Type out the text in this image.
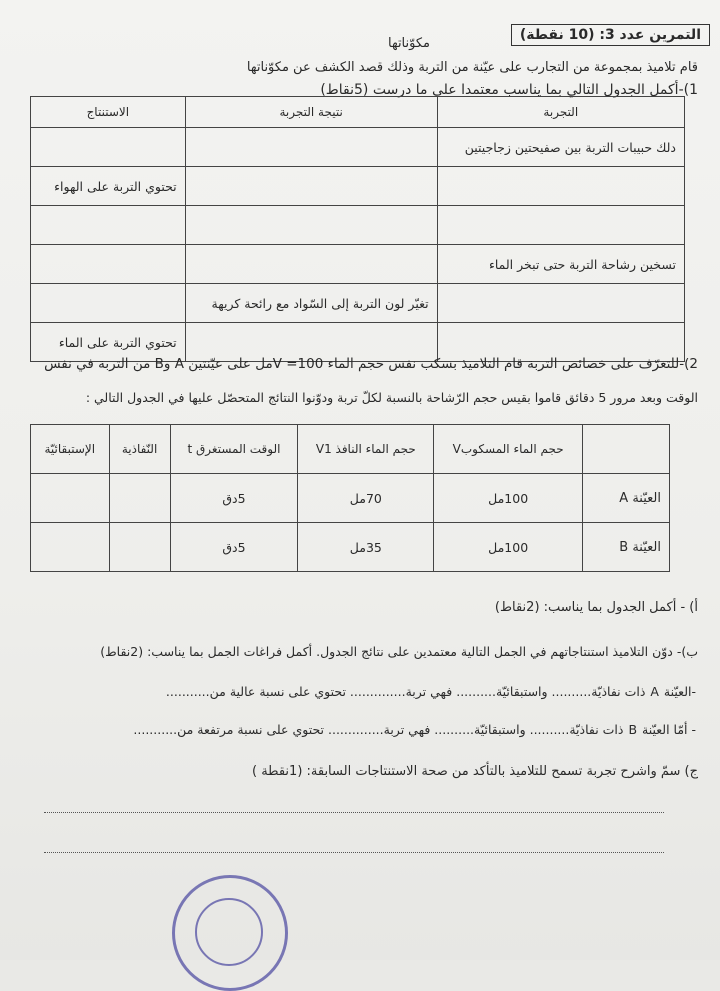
التمرين عدد 3: (10 نقطة)
مكوّناتها
قام تلاميذ بمجموعة من التجارب على عيّنة من التربة وذلك قصد الكشف عن مكوّناتها
1)-أكمل الجدول التالي بما يناسب معتمدا على ما درست (5نقاط)
التجربة	نتيجة التجربة	الاستنتاج
دلك حبيبات التربة بين صفيحتين زجاجيتين		
		تحتوي التربة على الهواء

تسخين رشاحة التربة حتى تبخر الماء		
	تغيّر لون التربة إلى السّواد مع رائحة كريهة	
		تحتوي التربة على الماء
2)-للتعرّف على خصائص التربة قام التلاميذ بسكب نفس حجم الماء V =100مل على عيّنتين A وB من التربة في نفس
الوقت وبعد مرور 5 دقائق قاموا بقيس حجم الرّشاحة بالنسبة لكلّ تربة ودوّنوا النتائج المتحصّل عليها في الجدول التالي :
	حجم الماء المسكوبV	حجم الماء النافذ V1	الوقت المستغرق t	النّفاذية	الإستبقائيّة
العيّنة A	100مل	70مل	5دق		
العيّنة B	100مل	35مل	5دق		
أ) - أكمل الجدول بما يناسب: (2نقاط)
ب)- دوّن التلاميذ استنتاجاتهم في الجمل التالية معتمدين على نتائج الجدول. أكمل فراغات الجمل بما يناسب: (2نقاط)
-العيّنة A ذات نفاذيّة.......... واستبقائيّة.......... فهي تربة.............. تحتوي على نسبة عالية من...........
- أمّا العيّنة B ذات نفاذيّة.......... واستبقائيّة.......... فهي تربة.............. تحتوي على نسبة مرتفعة من...........
ج) سمّ واشرح تجربة تسمح للتلاميذ بالتأكد من صحة الاستنتاجات السابقة: (1نقطة )
